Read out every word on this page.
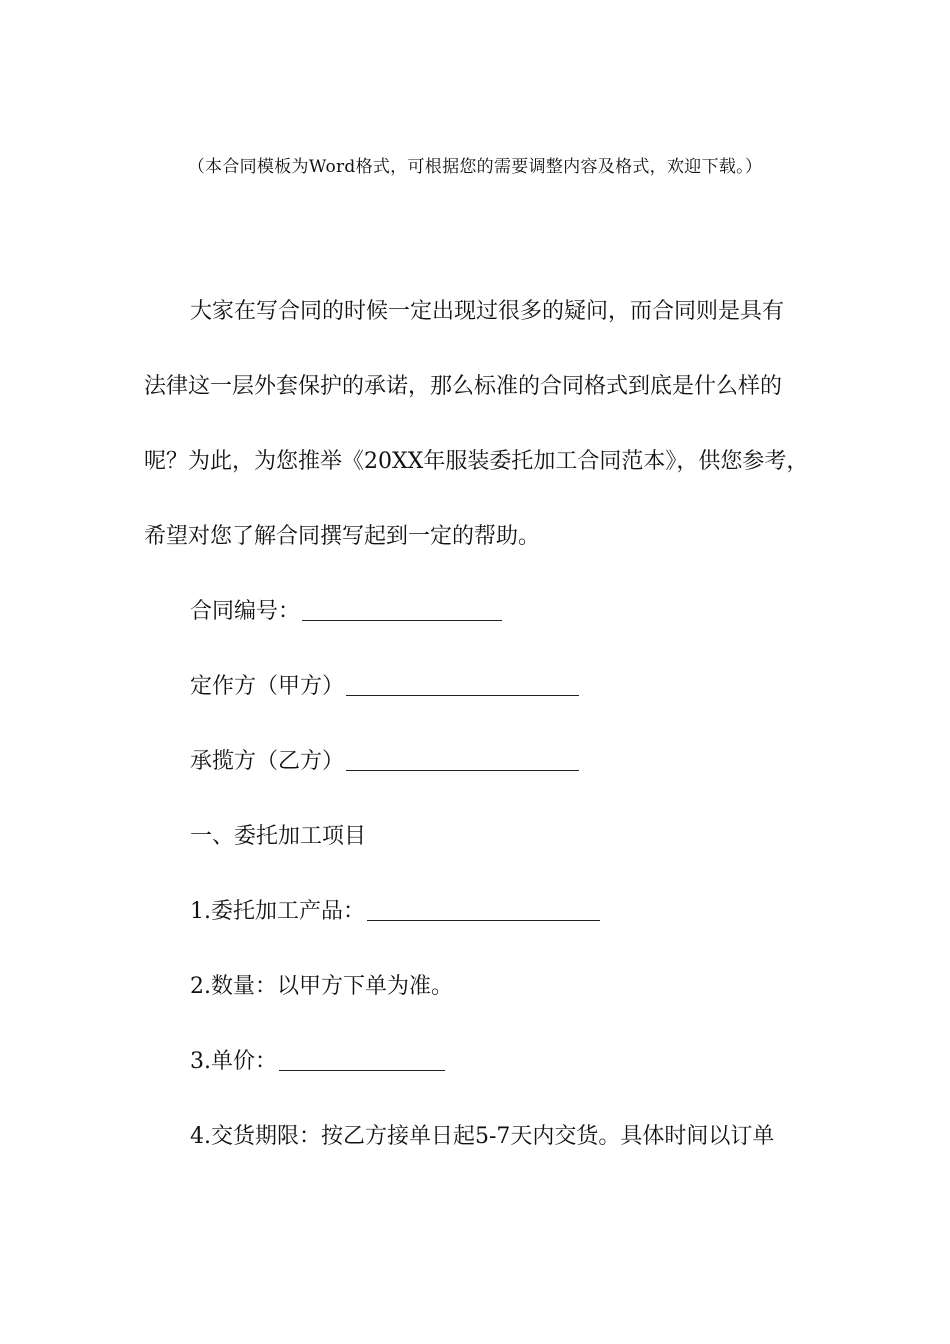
（本合同模板为Word格式，可根据您的需要调整内容及格式，欢迎下载。）
大家在写合同的时候一定出现过很多的疑问，而合同则是具有
法律这一层外套保护的承诺，那么标准的合同格式到底是什么样的
呢？为此，为您推举《20XX年服装委托加工合同范本》，供您参考，
希望对您了解合同撰写起到一定的帮助。
合同编号：
定作方（甲方）
承揽方（乙方）
一、委托加工项目
1.委托加工产品：
2.数量：以甲方下单为准。
3.单价：
4.交货期限：按乙方接单日起5-7天内交货。具体时间以订单
